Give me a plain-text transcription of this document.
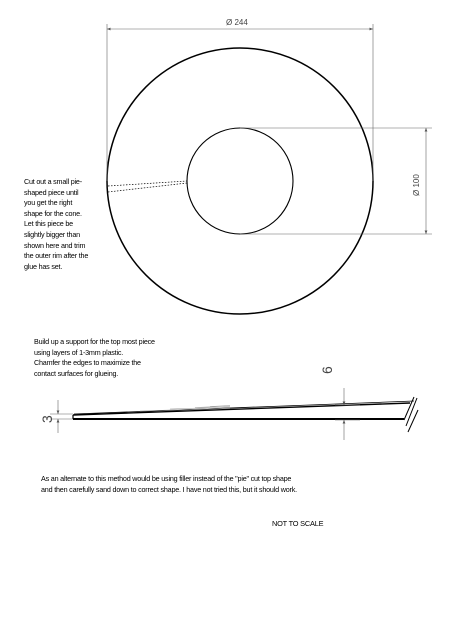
Ø 244
Ø 100
3
6

Cut out a small pie-
shaped piece until
you get the right
shape for the cone.
Let this piece be
slightly bigger than
shown here and trim
the outer rim after the
glue has set.

Build up a support for the top most piece
using layers of 1-3mm plastic.
Chamfer the edges to maximize the
contact surfaces for glueing.

As an alternate to this method would be using filler instead of the "pie" cut top shape
and then carefully sand down to correct shape. I have not tried this, but it should work.

NOT TO SCALE
